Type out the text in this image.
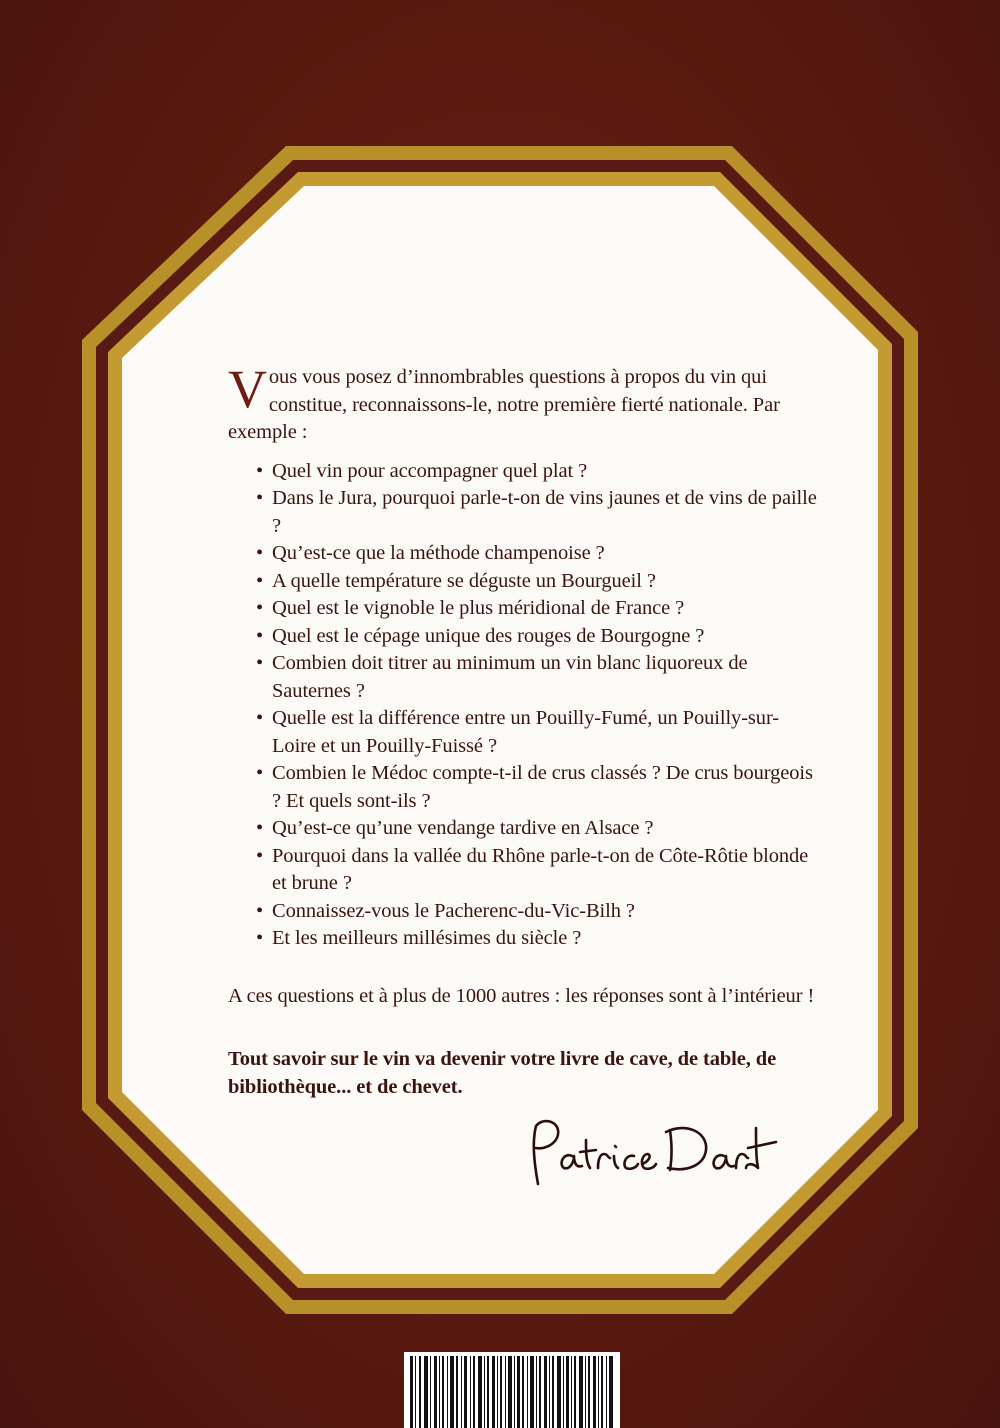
Vous vous posez d’innombrables questions à propos du vin qui constitue, reconnaissons-le, notre première fierté nationale. Par exemple :

• Quel vin pour accompagner quel plat ?
• Dans le Jura, pourquoi parle-t-on de vins jaunes et de vins de paille ?
• Qu’est-ce que la méthode champenoise ?
• A quelle température se déguste un Bourgueil ?
• Quel est le vignoble le plus méridional de France ?
• Quel est le cépage unique des rouges de Bourgogne ?
• Combien doit titrer au minimum un vin blanc liquoreux de Sauternes ?
• Quelle est la différence entre un Pouilly-Fumé, un Pouilly-sur-Loire et un Pouilly-Fuissé ?
• Combien le Médoc compte-t-il de crus classés ? De crus bourgeois ? Et quels sont-ils ?
• Qu’est-ce qu’une vendange tardive en Alsace ?
• Pourquoi dans la vallée du Rhône parle-t-on de Côte-Rôtie blonde et brune ?
• Connaissez-vous le Pacherenc-du-Vic-Bilh ?
• Et les meilleurs millésimes du siècle ?

A ces questions et à plus de 1000 autres : les réponses sont à l’intérieur !

Tout savoir sur le vin va devenir votre livre de cave, de table, de bibliothèque... et de chevet.
